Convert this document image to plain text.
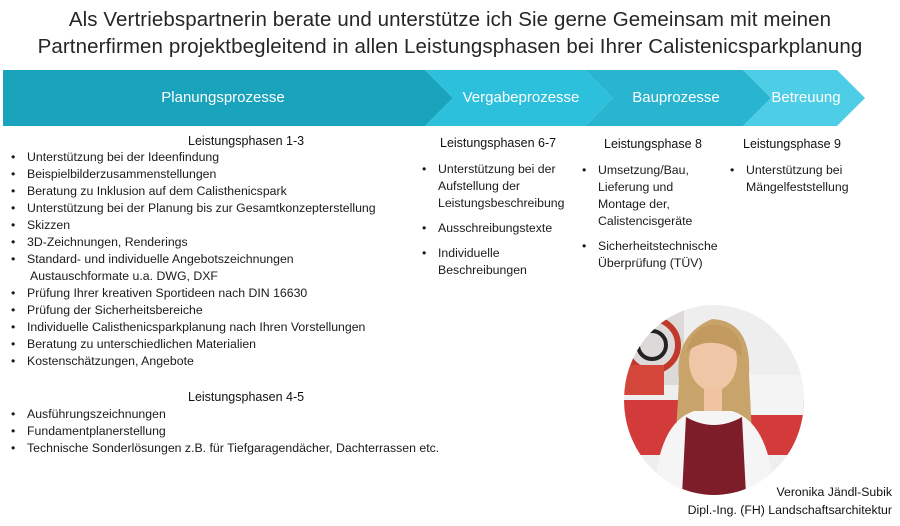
Als Vertriebspartnerin berate und unterstütze ich Sie gerne Gemeinsam mit meinen
Partnerfirmen projektbegleitend in allen Leistungsphasen bei Ihrer Calistenicsparkplanung
Planungsprozesse	Vergabeprozesse	Bauprozesse	Betreuung
Leistungsphasen 1-3
• Unterstützung bei der Ideenfindung
• Beispielbilderzusammenstellungen
• Beratung zu Inklusion auf dem Calisthenicspark
• Unterstützung bei der Planung bis zur Gesamtkonzepterstellung
• Skizzen
• 3D-Zeichnungen, Renderings
• Standard- und individuelle Angebotszeichnungen
Austauschformate u.a. DWG, DXF
• Prüfung Ihrer kreativen Sportideen nach DIN 16630
• Prüfung der Sicherheitsbereiche
• Individuelle Calisthenicsparkplanung nach Ihren Vorstellungen
• Beratung zu unterschiedlichen Materialien
• Kostenschätzungen, Angebote
Leistungsphasen 4-5
• Ausführungszeichnungen
• Fundamentplanerstellung
• Technische Sonderlösungen z.B. für Tiefgaragendächer, Dachterrassen etc.
Leistungsphasen 6-7
• Unterstützung bei der Aufstellung der Leistungsbeschreibung
• Ausschreibungstexte
• Individuelle Beschreibungen
Leistungsphase 8
• Umsetzung/Bau, Lieferung und Montage der, Calistencisgeräte
• Sicherheitstechnische Überprüfung (TÜV)
Leistungsphase 9
• Unterstützung bei Mängelfeststellung
Veronika Jändl-Subik
Dipl.-Ing. (FH) Landschaftsarchitektur
